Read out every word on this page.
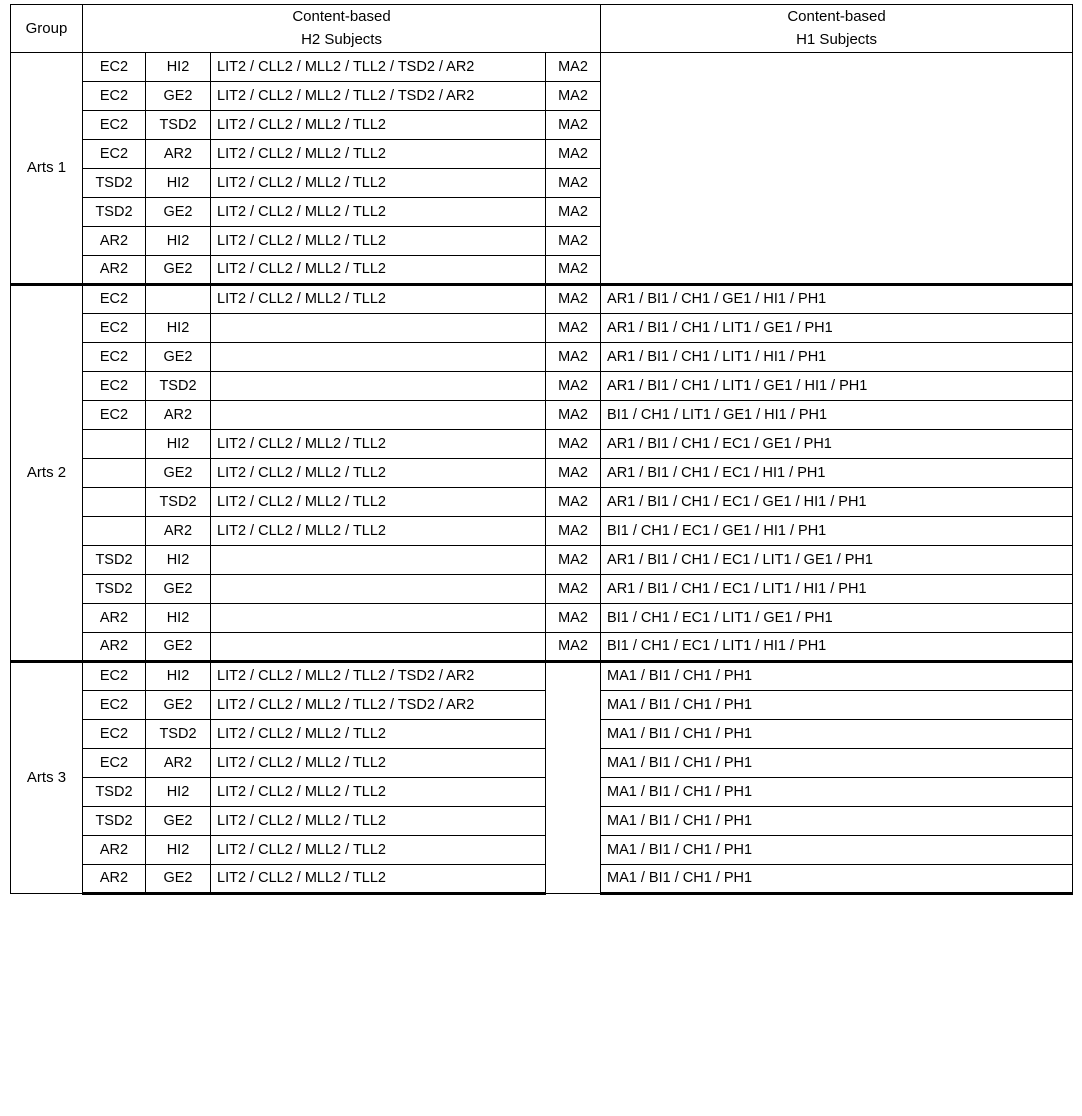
Group	Content-based
H2 Subjects				Content-based
H1 Subjects

Arts 1	EC2	HI2	LIT2 / CLL2 / MLL2 / TLL2 / TSD2 / AR2	MA2	
	EC2	GE2	LIT2 / CLL2 / MLL2 / TLL2 / TSD2 / AR2	MA2	
	EC2	TSD2	LIT2 / CLL2 / MLL2 / TLL2	MA2	
	EC2	AR2	LIT2 / CLL2 / MLL2 / TLL2	MA2	
	TSD2	HI2	LIT2 / CLL2 / MLL2 / TLL2	MA2	
	TSD2	GE2	LIT2 / CLL2 / MLL2 / TLL2	MA2	
	AR2	HI2	LIT2 / CLL2 / MLL2 / TLL2	MA2	
	AR2	GE2	LIT2 / CLL2 / MLL2 / TLL2	MA2	
Arts 2	EC2		LIT2 / CLL2 / MLL2 / TLL2	MA2	AR1 / BI1 / CH1 / GE1 / HI1 / PH1
	EC2	HI2		MA2	AR1 / BI1 / CH1 / LIT1 / GE1 / PH1
	EC2	GE2		MA2	AR1 / BI1 / CH1 / LIT1 / HI1 / PH1
	EC2	TSD2		MA2	AR1 / BI1 / CH1 / LIT1 / GE1 / HI1 / PH1
	EC2	AR2		MA2	BI1 / CH1 / LIT1 / GE1 / HI1 / PH1
		HI2	LIT2 / CLL2 / MLL2 / TLL2	MA2	AR1 / BI1 / CH1 / EC1 / GE1 / PH1
		GE2	LIT2 / CLL2 / MLL2 / TLL2	MA2	AR1 / BI1 / CH1 / EC1 / HI1 / PH1
		TSD2	LIT2 / CLL2 / MLL2 / TLL2	MA2	AR1 / BI1 / CH1 / EC1 / GE1 / HI1 / PH1
		AR2	LIT2 / CLL2 / MLL2 / TLL2	MA2	BI1 / CH1 / EC1 / GE1 / HI1 / PH1
	TSD2	HI2		MA2	AR1 / BI1 / CH1 / EC1 / LIT1 / GE1 / PH1
	TSD2	GE2		MA2	AR1 / BI1 / CH1 / EC1 / LIT1 / HI1 / PH1
	AR2	HI2		MA2	BI1 / CH1 / EC1 / LIT1 / GE1 / PH1
	AR2	GE2		MA2	BI1 / CH1 / EC1 / LIT1 / HI1 / PH1
Arts 3	EC2	HI2	LIT2 / CLL2 / MLL2 / TLL2 / TSD2 / AR2		MA1 / BI1 / CH1 / PH1
	EC2	GE2	LIT2 / CLL2 / MLL2 / TLL2 / TSD2 / AR2		MA1 / BI1 / CH1 / PH1
	EC2	TSD2	LIT2 / CLL2 / MLL2 / TLL2		MA1 / BI1 / CH1 / PH1
	EC2	AR2	LIT2 / CLL2 / MLL2 / TLL2		MA1 / BI1 / CH1 / PH1
	TSD2	HI2	LIT2 / CLL2 / MLL2 / TLL2		MA1 / BI1 / CH1 / PH1
	TSD2	GE2	LIT2 / CLL2 / MLL2 / TLL2		MA1 / BI1 / CH1 / PH1
	AR2	HI2	LIT2 / CLL2 / MLL2 / TLL2		MA1 / BI1 / CH1 / PH1
	AR2	GE2	LIT2 / CLL2 / MLL2 / TLL2		MA1 / BI1 / CH1 / PH1
